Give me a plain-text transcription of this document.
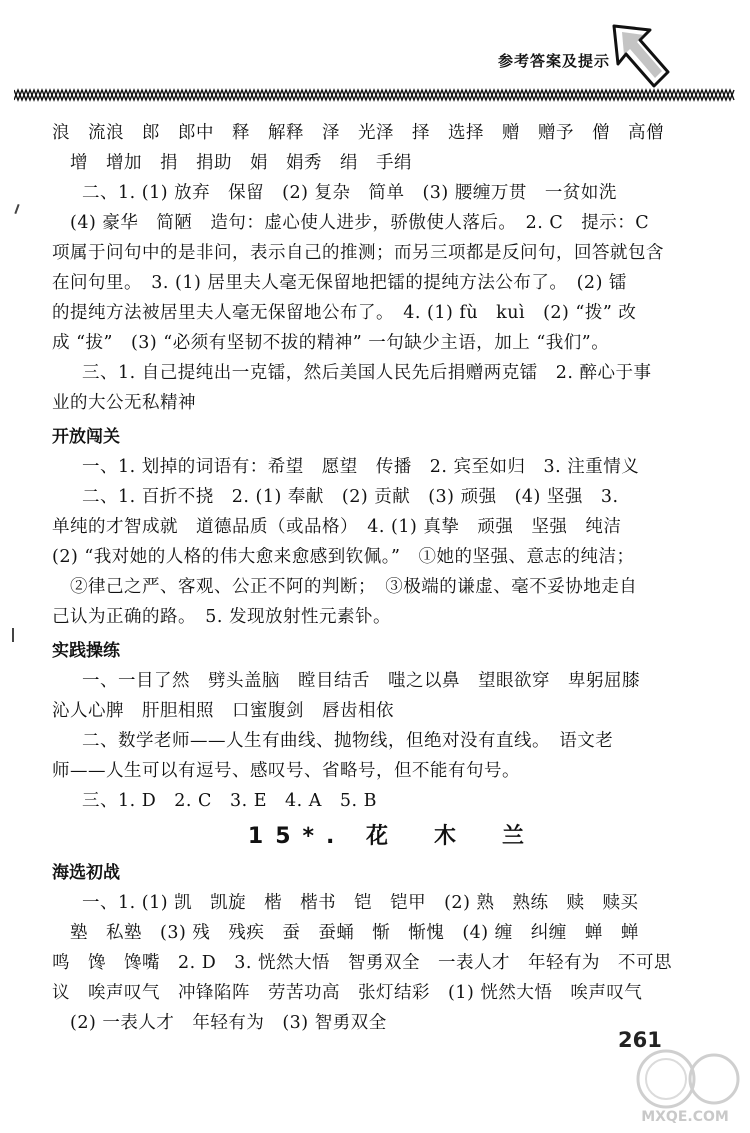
参考答案及提示
浪　流浪　郎　郎中　释　解释　泽　光泽　择　选择　赠　赠予　僧　高僧
增　增加　捐　捐助　娟　娟秀　绢　手绢
二、1. (1) 放弃　保留　(2) 复杂　简单　(3) 腰缠万贯　一贫如洗
(4) 豪华　简陋　造句：虚心使人进步，骄傲使人落后。　2. C　提示：C
项属于问句中的是非问，表示自己的推测；而另三项都是反问句，回答就包含
在问句里。　3. (1) 居里夫人毫无保留地把镭的提纯方法公布了。　(2) 镭
的提纯方法被居里夫人毫无保留地公布了。　4. (1) fù　kuì　(2) “拨” 改
成 “拔”　(3) “必须有坚韧不拔的精神” 一句缺少主语，加上 “我们”。
三、1. 自己提纯出一克镭，然后美国人民先后捐赠两克镭　2. 醉心于事
业的大公无私精神
开放闯关
一、1. 划掉的词语有：希望　愿望　传播　2. 宾至如归　3. 注重情义
二、1. 百折不挠　2. (1) 奉献　(2) 贡献　(3) 顽强　(4) 坚强　3.
单纯的才智成就　道德品质（或品格）　4. (1) 真挚　顽强　坚强　纯洁
(2) “我对她的人格的伟大愈来愈感到钦佩。”　①她的坚强、意志的纯洁；
②律己之严、客观、公正不阿的判断；　③极端的谦虚、毫不妥协地走自
己认为正确的路。　5. 发现放射性元素钋。
实践操练
一、一目了然　劈头盖脑　瞠目结舌　嗤之以鼻　望眼欲穿　卑躬屈膝
沁人心脾　肝胆相照　口蜜腹剑　唇齿相依
二、数学老师——人生有曲线、抛物线，但绝对没有直线。　语文老
师——人生可以有逗号、感叹号、省略号，但不能有句号。
三、1. D　2. C　3. E　4. A　5. B
15*. 花　木　兰
海选初战
一、1. (1) 凯　凯旋　楷　楷书　铠　铠甲　(2) 熟　熟练　赎　赎买
塾　私塾　(3) 残　残疾　蚕　蚕蛹　惭　惭愧　(4) 缠　纠缠　蝉　蝉
鸣　馋　馋嘴　2. D　3. 恍然大悟　智勇双全　一表人才　年轻有为　不可思
议　唉声叹气　冲锋陷阵　劳苦功高　张灯结彩　(1) 恍然大悟　唉声叹气
(2) 一表人才　年轻有为　(3) 智勇双全
261
MXQE.COM
